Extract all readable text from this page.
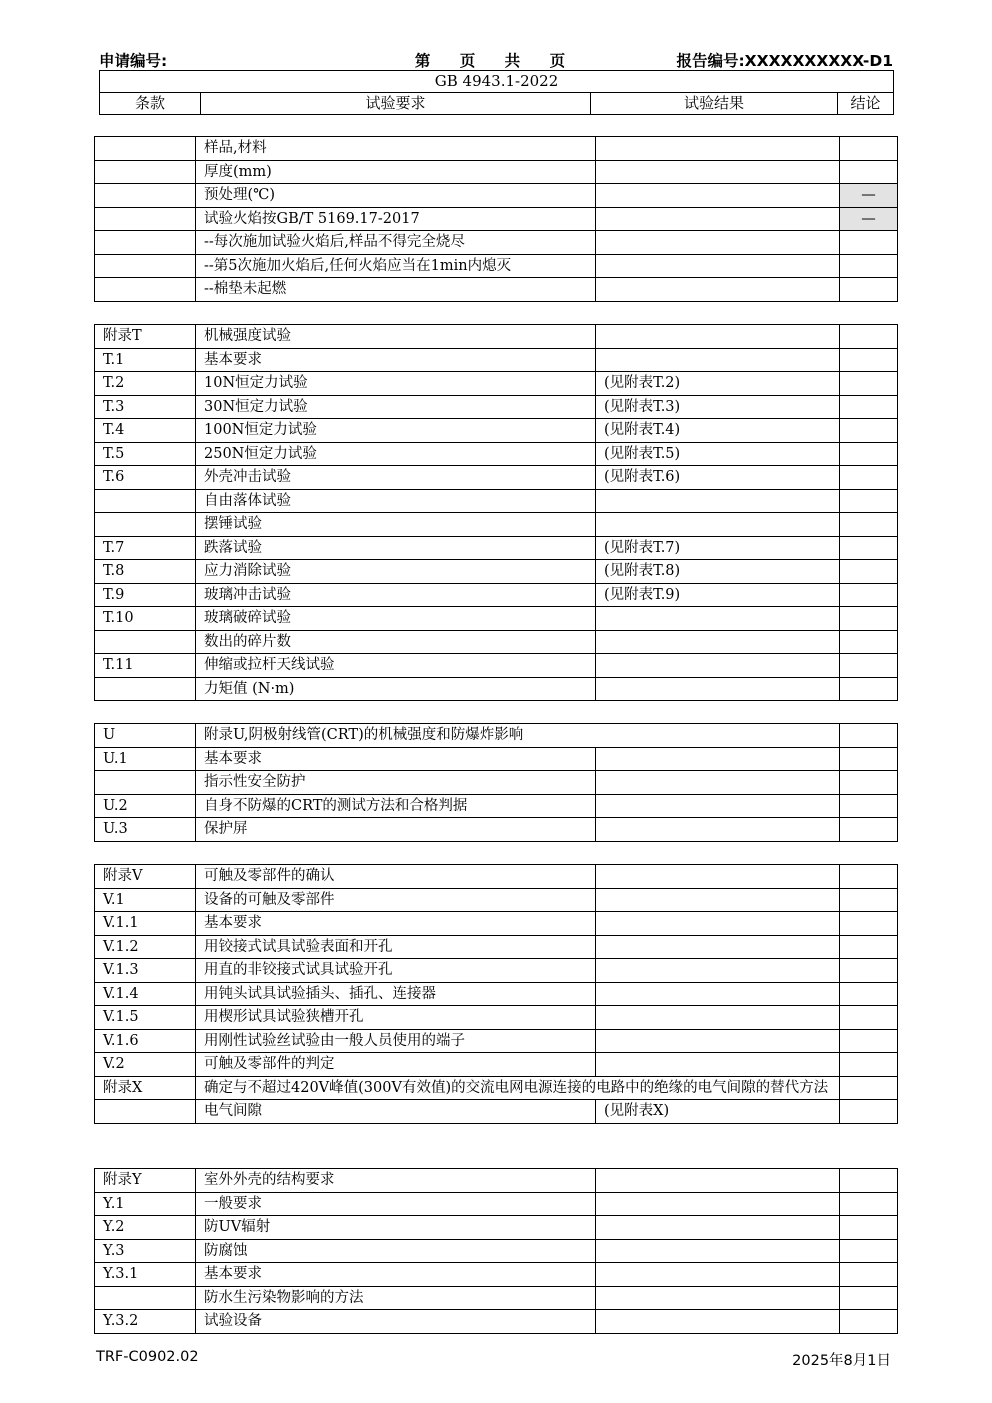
申请编号:	第 页 共 页	报告编号:XXXXXXXXXX-D1
GB 4943.1-2022
条款	试验要求	试验结果	结论
	样品,材料		
	厚度(mm)		
	预处理(℃)		—
	试验火焰按GB/T 5169.17-2017		—
	--每次施加试验火焰后,样品不得完全烧尽		
	--第5次施加火焰后,任何火焰应当在1min内熄灭		
	--棉垫未起燃		
附录T	机械强度试验		
T.1	基本要求		
T.2	10N恒定力试验	(见附表T.2)	
T.3	30N恒定力试验	(见附表T.3)	
T.4	100N恒定力试验	(见附表T.4)	
T.5	250N恒定力试验	(见附表T.5)	
T.6	外壳冲击试验	(见附表T.6)	
	自由落体试验		
	摆锤试验		
T.7	跌落试验	(见附表T.7)	
T.8	应力消除试验	(见附表T.8)	
T.9	玻璃冲击试验	(见附表T.9)	
T.10	玻璃破碎试验		
	数出的碎片数		
T.11	伸缩或拉杆天线试验		
	力矩值 (N·m)		
U	附录U,阴极射线管(CRT)的机械强度和防爆炸影响		
U.1	基本要求		
	指示性安全防护		
U.2	自身不防爆的CRT的测试方法和合格判据		
U.3	保护屏		
附录V	可触及零部件的确认		
V.1	设备的可触及零部件		
V.1.1	基本要求		
V.1.2	用铰接式试具试验表面和开孔		
V.1.3	用直的非铰接式试具试验开孔		
V.1.4	用钝头试具试验插头、插孔、连接器		
V.1.5	用楔形试具试验狭槽开孔		
V.1.6	用刚性试验丝试验由一般人员使用的端子		
V.2	可触及零部件的判定		
附录X	确定与不超过420V峰值(300V有效值)的交流电网电源连接的电路中的绝缘的电气间隙的替代方法		
	电气间隙	(见附表X)	
附录Y	室外外壳的结构要求		
Y.1	一般要求		
Y.2	防UV辐射		
Y.3	防腐蚀		
Y.3.1	基本要求		
	防水生污染物影响的方法		
Y.3.2	试验设备		
TRF-C0902.02	2025年8月1日
